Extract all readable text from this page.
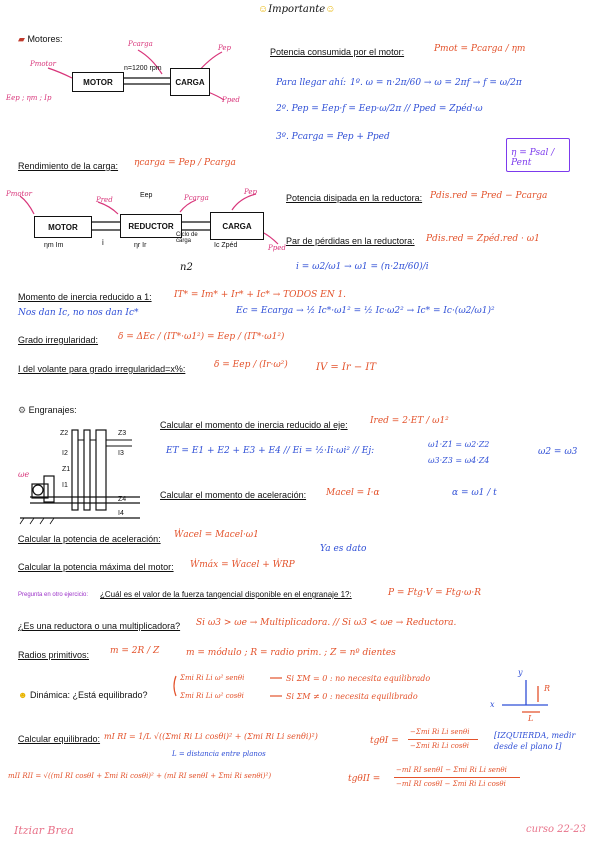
☺Importante☺
▰ Motores:
MOTOR	CARGA
n=1200 rpm
Pmotor
Pcarga	Pep
Pped
Eep ; ηm ; Ip
Potencia consumida por el motor:	Pmot = Pcarga / ηm
Para llegar ahí: 1º. ω = n·2π/60 → ω = 2πf → f = ω/2π
2º. Pep = Eep·f = Eep·ω/2π // Pped = Zpéd·ω
3º. Pcarga = Pep + Pped
η = Psal / Pent
Rendimiento de la carga: ηcarga = Pep / Pcarga
MOTOR	REDUCTOR	CARGA
Pmotor
Pred	Pcarga
Pep
Pped
Eep
Ciclo de carga
i
ηm Im	ηr Ir	Ic Zpéd
n2
Potencia disipada en la reductora: Pdis.red = Pred − Pcarga
Par de pérdidas en la reductora: Pdis.red = Zpéd.red · ω1
i = ω2/ω1 → ω1 = (n·2π/60)/i
Momento de inercia reducido a 1: IT* = Im* + Ir* + Ic* → TODOS EN 1.
Nos dan Ic, no nos dan Ic*	Ec = Ecarga → ½ Ic*·ω1² = ½ Ic·ω2² → Ic* = Ic·(ω2/ω1)²
Grado irregularidad: δ = ΔEc / (IT*·ω1²) = Eep / (IT*·ω1²)
I del volante para grado irregularidad=x%:	δ = Eep / (Ir·ω²)	IV = Ir − IT
⚙ Engranajes:
Z2
I2
Z1
I1
Z3
I3
Z4
I4
ωe
Calcular el momento de inercia reducido al eje: Ired = 2·ET / ω1²
ET = E1 + E2 + E3 + E4 // Ei = ½·Ii·ωi² // Ej:
ω1·Z1 = ω2·Z2
ω3·Z3 = ω4·Z4
ω2 = ω3
Calcular el momento de aceleración: Macel = I·α	α = ω1 / t
Calcular la potencia de aceleración: Ẇacel = Macel·ω1
Calcular la potencia máxima del motor: Ẇmáx = Ẇacel + ẆRP
Ya es dato
Pregunta en otro ejercicio: ¿Cuál es el valor de la fuerza tangencial disponible en el engranaje 1?:	P = Ftg·V = Ftg·ω·R
¿Es una reductora o una multiplicadora? Si ω3 > ωe → Multiplicadora. // Si ω3 < ωe → Reductora.
Radios primitivos: m = 2R / Z	m = módulo ; R = radio prim. ; Z = nº dientes
☻ Dinámica: ¿Está equilibrado?
Σmi Ri Li ω² senθi
Σmi Ri Li ω² cosθi
Si ΣM = 0 : no necesita equilibrado
Si ΣM ≠ 0 : necesita equilibrado
y
x
L
R
Calcular equilibrado: mI RI = 1/L √((Σmi Ri Li cosθi)² + (Σmi Ri Li senθi)²)
L = distancia entre planos
tgθI =
−Σmi Ri Li senθi
−Σmi Ri Li cosθi
[IZQUIERDA, medir desde el plano I]
mII RII = √((mI RI cosθI + Σmi Ri cosθi)² + (mI RI senθI + Σmi Ri senθi)²)	tgθII =
−mI RI senθI − Σmi Ri Li senθi
−mI RI cosθI − Σmi Ri Li cosθi
Itziar Brea	curso 22-23
